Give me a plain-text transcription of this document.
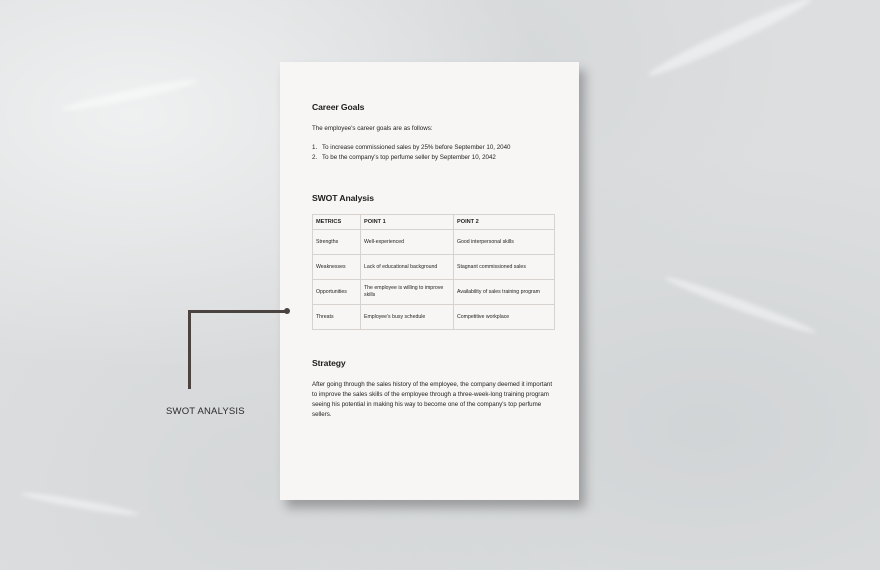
Career Goals

The employee's career goals are as follows:

1. To increase commissioned sales by 25% before September 10, 2040
2. To be the company's top perfume seller by September 10, 2042

SWOT Analysis

METRICS	POINT 1	POINT 2
Strengths	Well-experienced	Good interpersonal skills
Weaknesses	Lack of educational background	Stagnant commissioned sales
Opportunities	The employee is willing to improve skills	Availability of sales training program
Threats	Employee's busy schedule	Competitive workplace

Strategy

After going through the sales history of the employee, the company deemed it important to improve the sales skills of the employee through a three-week-long training program seeing his potential in making his way to become one of the company's top perfume sellers.

SWOT ANALYSIS
